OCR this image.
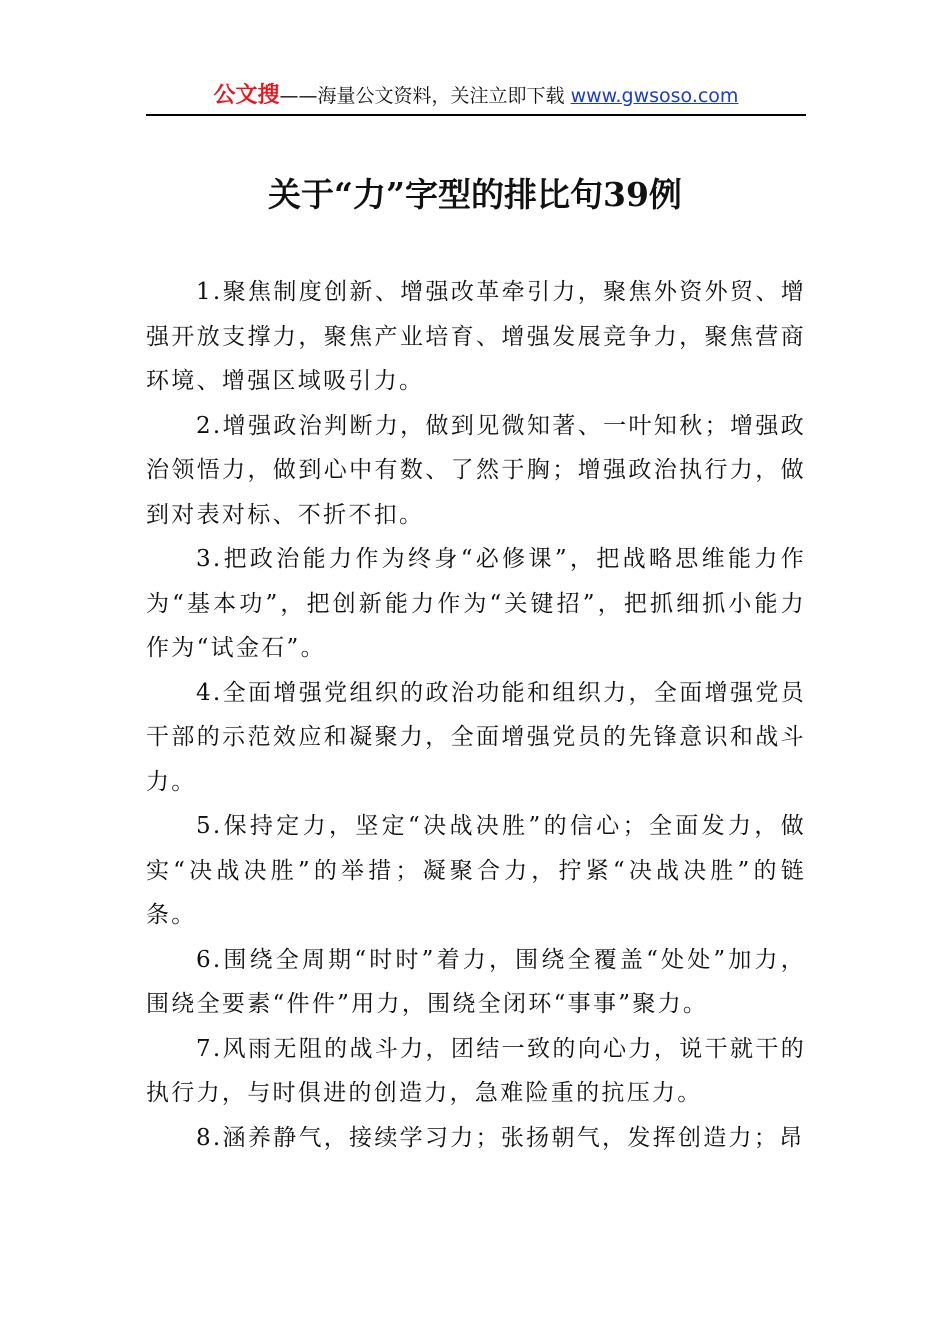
公文搜——海量公文资料，关注立即下载 www.gwsoso.com
关于“力”字型的排比句39例

1.聚焦制度创新、增强改革牵引力，聚焦外资外贸、增强开放支撑力，聚焦产业培育、增强发展竞争力，聚焦营商环境、增强区域吸引力。

2.增强政治判断力，做到见微知著、一叶知秋；增强政治领悟力，做到心中有数、了然于胸；增强政治执行力，做到对表对标、不折不扣。

3.把政治能力作为终身“必修课”，把战略思维能力作为“基本功”，把创新能力作为“关键招”，把抓细抓小能力作为“试金石”。

4.全面增强党组织的政治功能和组织力，全面增强党员干部的示范效应和凝聚力，全面增强党员的先锋意识和战斗力。

5.保持定力，坚定“决战决胜”的信心；全面发力，做实“决战决胜”的举措；凝聚合力，拧紧“决战决胜”的链条。

6.围绕全周期“时时”着力，围绕全覆盖“处处”加力，围绕全要素“件件”用力，围绕全闭环“事事”聚力。

7.风雨无阻的战斗力，团结一致的向心力，说干就干的执行力，与时俱进的创造力，急难险重的抗压力。

8.涵养静气，接续学习力；张扬朝气，发挥创造力；昂
